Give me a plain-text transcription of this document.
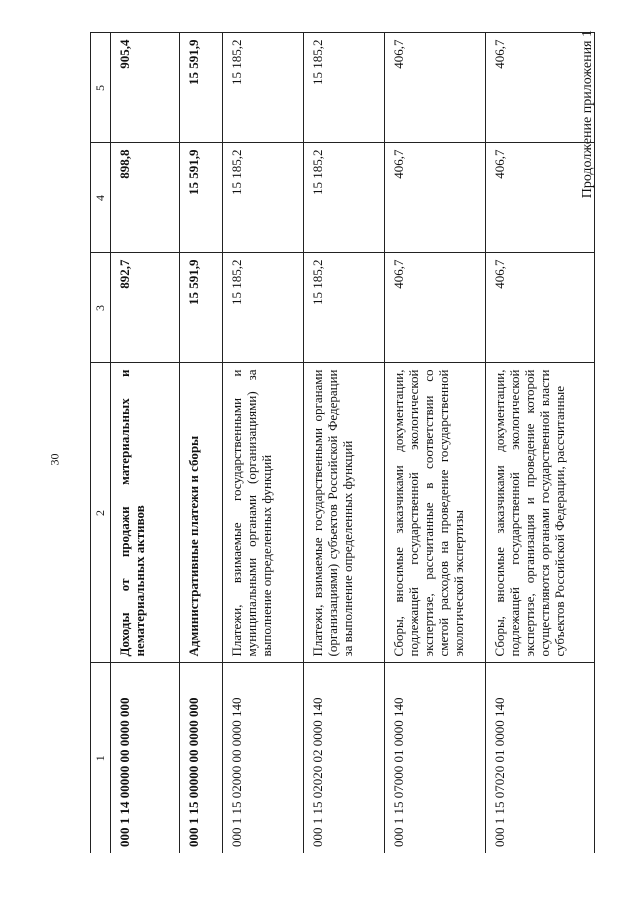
30
Продолжение приложения 1
1	2	3	4	5
000 1 14 00000 00 0000 000	Доходы от продажи материальных и нематериальных активов	892,7	898,8	905,4
000 1 15 00000 00 0000 000	Административные платежи и сборы	15 591,9	15 591,9	15 591,9
000 1 15 02000 00 0000 140	Платежи, взимаемые государственными и муниципальными органами (организациями) за выполнение определенных функций	15 185,2	15 185,2	15 185,2
000 1 15 02020 02 0000 140	Платежи, взимаемые государственными органами (организациями) субъектов Российской Федерации за выполнение определенных функций	15 185,2	15 185,2	15 185,2
000 1 15 07000 01 0000 140	Сборы, вносимые заказчиками документации, подлежащей государственной экологической экспертизе, рассчитанные в соответствии со сметой расходов на проведение государственной экологической экспертизы	406,7	406,7	406,7
000 1 15 07020 01 0000 140	Сборы, вносимые заказчиками документации, подлежащей государственной экологической экспертизе, организация и проведение которой осуществляются органами государственной власти субъектов Российской Федерации, рассчитанные	406,7	406,7	406,7
